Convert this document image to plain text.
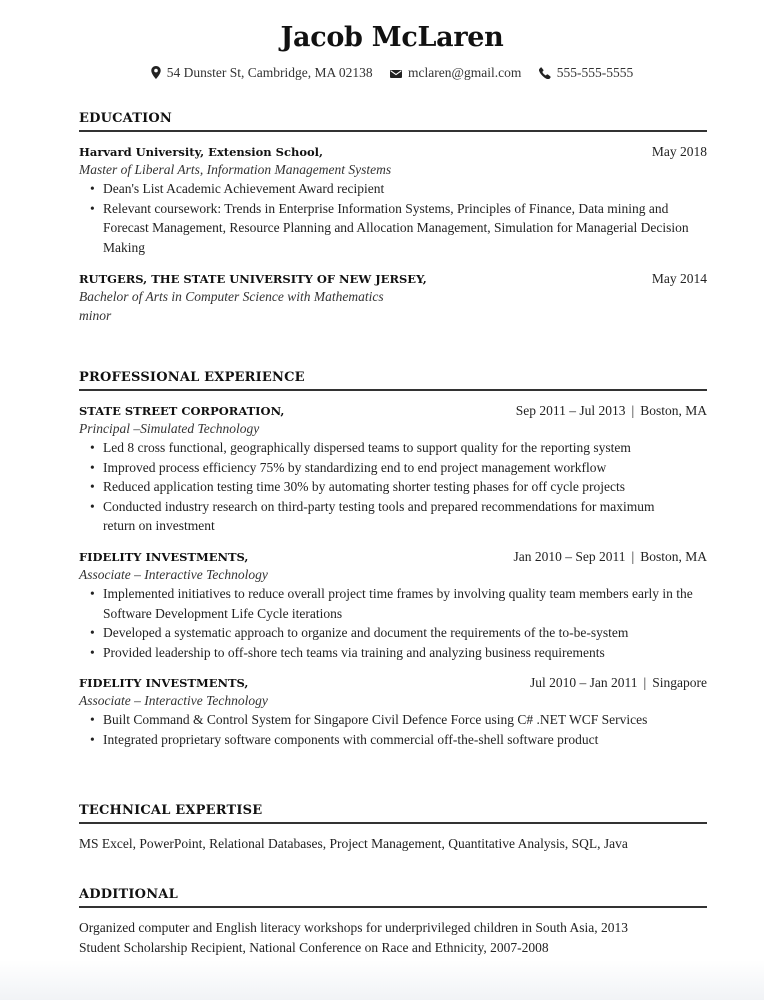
Jacob McLaren
54 Dunster St, Cambridge, MA 02138	mclaren@gmail.com	555-555-5555
EDUCATION
Harvard University, Extension School,	May 2018
Master of Liberal Arts, Information Management Systems
• Dean's List Academic Achievement Award recipient
• Relevant coursework: Trends in Enterprise Information Systems, Principles of Finance, Data mining and Forecast Management, Resource Planning and Allocation Management, Simulation for Managerial Decision Making
RUTGERS, THE STATE UNIVERSITY OF NEW JERSEY,	May 2014
Bachelor of Arts in Computer Science with Mathematics
minor
PROFESSIONAL EXPERIENCE
STATE STREET CORPORATION,	Sep 2011 – Jul 2013 | Boston, MA
Principal –Simulated Technology
• Led 8 cross functional, geographically dispersed teams to support quality for the reporting system
• Improved process efficiency 75% by standardizing end to end project management workflow
• Reduced application testing time 30% by automating shorter testing phases for off cycle projects
• Conducted industry research on third-party testing tools and prepared recommendations for maximum return on investment
FIDELITY INVESTMENTS,	Jan 2010 – Sep 2011 | Boston, MA
Associate – Interactive Technology
• Implemented initiatives to reduce overall project time frames by involving quality team members early in the Software Development Life Cycle iterations
• Developed a systematic approach to organize and document the requirements of the to-be-system
• Provided leadership to off-shore tech teams via training and analyzing business requirements
FIDELITY INVESTMENTS,	Jul 2010 – Jan 2011 | Singapore
Associate – Interactive Technology
• Built Command & Control System for Singapore Civil Defence Force using C# .NET WCF Services
• Integrated proprietary software components with commercial off-the-shell software product
TECHNICAL EXPERTISE
MS Excel, PowerPoint, Relational Databases, Project Management, Quantitative Analysis, SQL, Java
ADDITIONAL
Organized computer and English literacy workshops for underprivileged children in South Asia, 2013
Student Scholarship Recipient, National Conference on Race and Ethnicity, 2007-2008
